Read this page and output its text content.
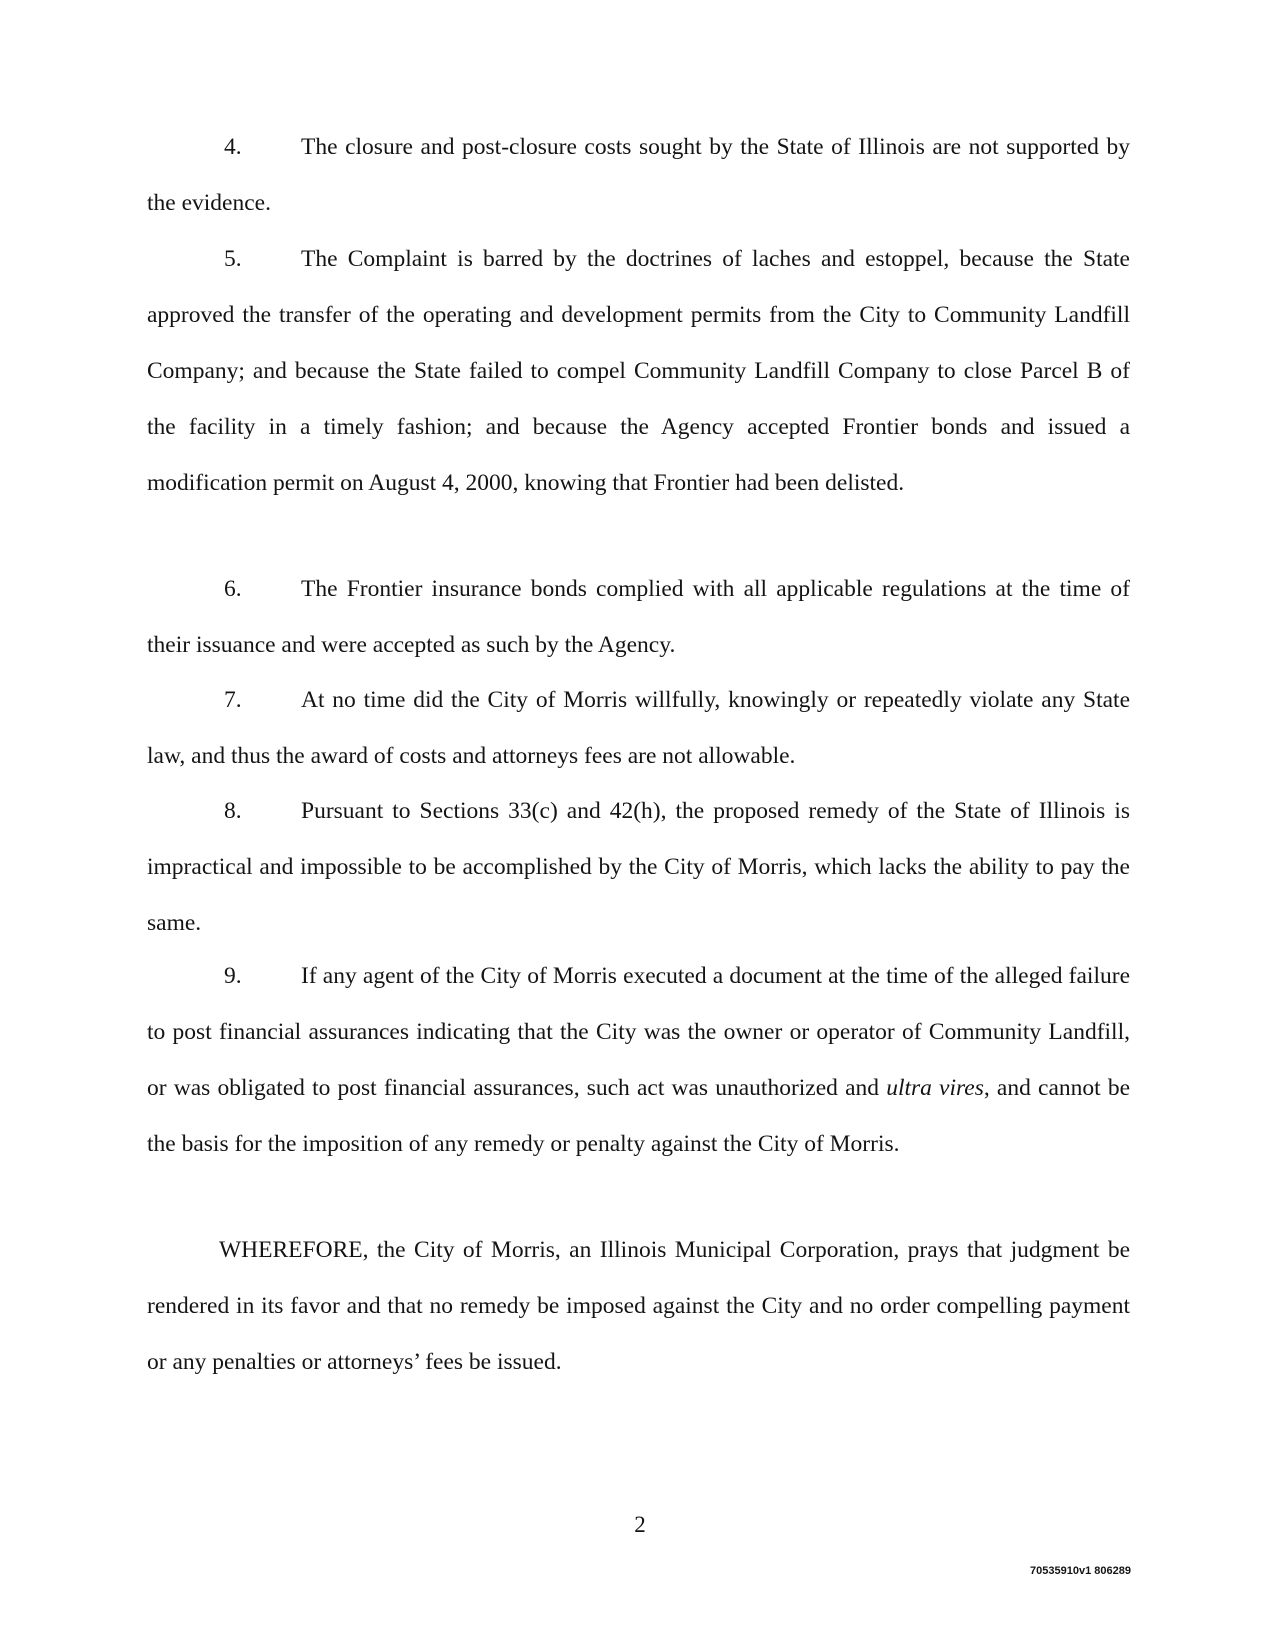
4.	The closure and post-closure costs sought by the State of Illinois are not supported by the evidence.

5.	The Complaint is barred by the doctrines of laches and estoppel, because the State approved the transfer of the operating and development permits from the City to Community Landfill Company; and because the State failed to compel Community Landfill Company to close Parcel B of the facility in a timely fashion; and because the Agency accepted Frontier bonds and issued a modification permit on August 4, 2000, knowing that Frontier had been delisted.

6.	The Frontier insurance bonds complied with all applicable regulations at the time of their issuance and were accepted as such by the Agency.

7.	At no time did the City of Morris willfully, knowingly or repeatedly violate any State law, and thus the award of costs and attorneys fees are not allowable.

8.	Pursuant to Sections 33(c) and 42(h), the proposed remedy of the State of Illinois is impractical and impossible to be accomplished by the City of Morris, which lacks the ability to pay the same.

9.	If any agent of the City of Morris executed a document at the time of the alleged failure to post financial assurances indicating that the City was the owner or operator of Community Landfill, or was obligated to post financial assurances, such act was unauthorized and ultra vires, and cannot be the basis for the imposition of any remedy or penalty against the City of Morris.

WHEREFORE, the City of Morris, an Illinois Municipal Corporation, prays that judgment be rendered in its favor and that no remedy be imposed against the City and no order compelling payment or any penalties or attorneys’ fees be issued.

2

70535910v1 806289
